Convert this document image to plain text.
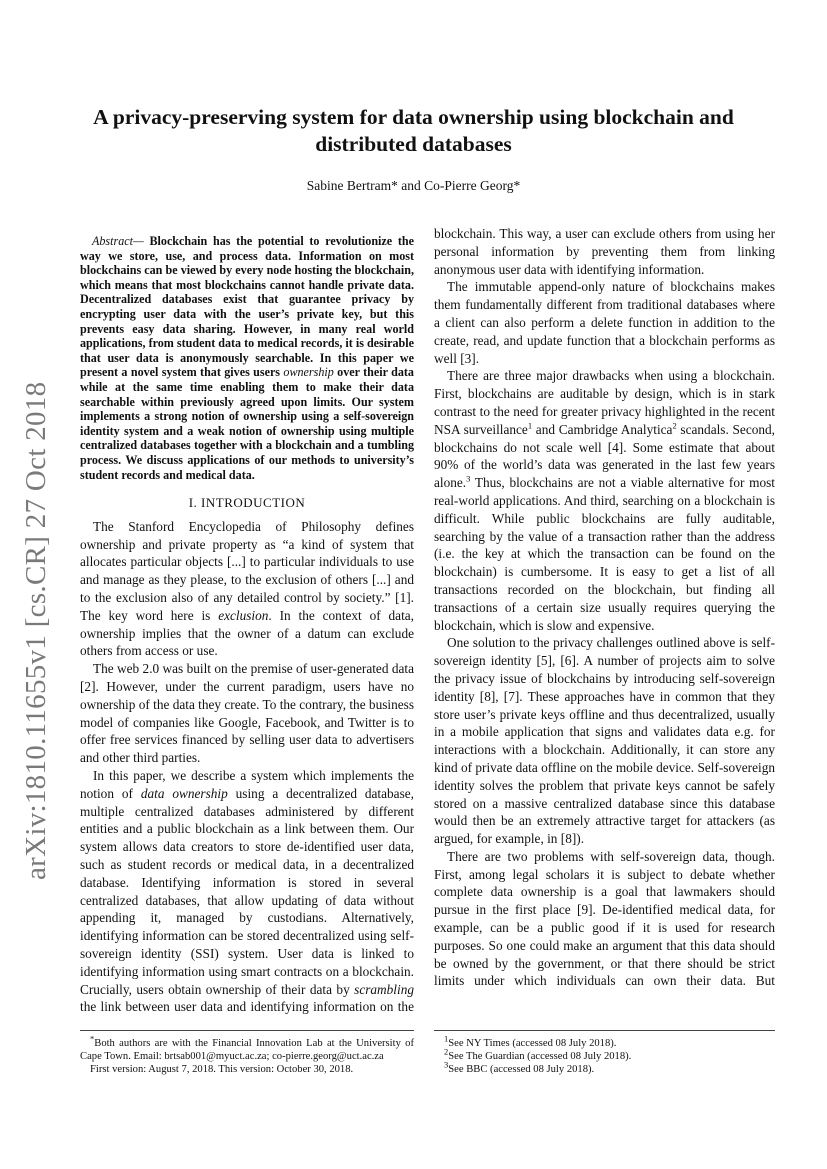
arXiv:1810.11655v1 [cs.CR] 27 Oct 2018
A privacy-preserving system for data ownership using blockchain and distributed databases
Sabine Bertram* and Co-Pierre Georg*

Abstract— Blockchain has the potential to revolutionize the way we store, use, and process data. Information on most blockchains can be viewed by every node hosting the blockchain, which means that most blockchains cannot handle private data. Decentralized databases exist that guarantee privacy by encrypting user data with the user’s private key, but this prevents easy data sharing. However, in many real world applications, from student data to medical records, it is desirable that user data is anonymously searchable. In this paper we present a novel system that gives users ownership over their data while at the same time enabling them to make their data searchable within previously agreed upon limits. Our system implements a strong notion of ownership using a self-sovereign identity system and a weak notion of ownership using multiple centralized databases together with a blockchain and a tumbling process. We discuss applications of our methods to university’s student records and medical data.

I. INTRODUCTION

The Stanford Encyclopedia of Philosophy defines ownership and private property as “a kind of system that allocates particular objects [...] to particular individuals to use and manage as they please, to the exclusion of others [...] and to the exclusion also of any detailed control by society.” [1]. The key word here is exclusion. In the context of data, ownership implies that the owner of a datum can exclude others from access or use.

The web 2.0 was built on the premise of user-generated data [2]. However, under the current paradigm, users have no ownership of the data they create. To the contrary, the business model of companies like Google, Facebook, and Twitter is to offer free services financed by selling user data to advertisers and other third parties.

In this paper, we describe a system which implements the notion of data ownership using a decentralized database, multiple centralized databases administered by different entities and a public blockchain as a link between them. Our system allows data creators to store de-identified user data, such as student records or medical data, in a decentralized database. Identifying information is stored in several centralized databases, that allow updating of data without appending it, managed by custodians. Alternatively, identifying information can be stored decentralized using self-sovereign identity (SSI) system. User data is linked to identifying information using smart contracts on a blockchain. Crucially, users obtain ownership of their data by scrambling the link between user data and identifying information on the

*Both authors are with the Financial Innovation Lab at the University of Cape Town. Email: brtsab001@myuct.ac.za; co-pierre.georg@uct.ac.za

First version: August 7, 2018. This version: October 30, 2018.

blockchain. This way, a user can exclude others from using her personal information by preventing them from linking anonymous user data with identifying information.

The immutable append-only nature of blockchains makes them fundamentally different from traditional databases where a client can also perform a delete function in addition to the create, read, and update function that a blockchain performs as well [3].

There are three major drawbacks when using a blockchain. First, blockchains are auditable by design, which is in stark contrast to the need for greater privacy highlighted in the recent NSA surveillance$^1$ and Cambridge Analytica$^2$ scandals. Second, blockchains do not scale well [4]. Some estimate that about 90% of the world’s data was generated in the last few years alone.$^3$ Thus, blockchains are not a viable alternative for most real-world applications. And third, searching on a blockchain is difficult. While public blockchains are fully auditable, searching by the value of a transaction rather than the address (i.e. the key at which the transaction can be found on the blockchain) is cumbersome. It is easy to get a list of all transactions recorded on the blockchain, but finding all transactions of a certain size usually requires querying the blockchain, which is slow and expensive.

One solution to the privacy challenges outlined above is self-sovereign identity [5], [6]. A number of projects aim to solve the privacy issue of blockchains by introducing self-sovereign identity [8], [7]. These approaches have in common that they store user’s private keys offline and thus decentralized, usually in a mobile application that signs and validates data e.g. for interactions with a blockchain. Additionally, it can store any kind of private data offline on the mobile device. Self-sovereign identity solves the problem that private keys cannot be safely stored on a massive centralized database since this database would then be an extremely attractive target for attackers (as argued, for example, in [8]).

There are two problems with self-sovereign data, though. First, among legal scholars it is subject to debate whether complete data ownership is a goal that lawmakers should pursue in the first place [9]. De-identified medical data, for example, can be a public good if it is used for research purposes. So one could make an argument that this data should be owned by the government, or that there should be strict limits under which individuals can own their data. But

$^1$See NY Times (accessed 08 July 2018).

$^2$See The Guardian (accessed 08 July 2018).

$^3$See BBC (accessed 08 July 2018).
